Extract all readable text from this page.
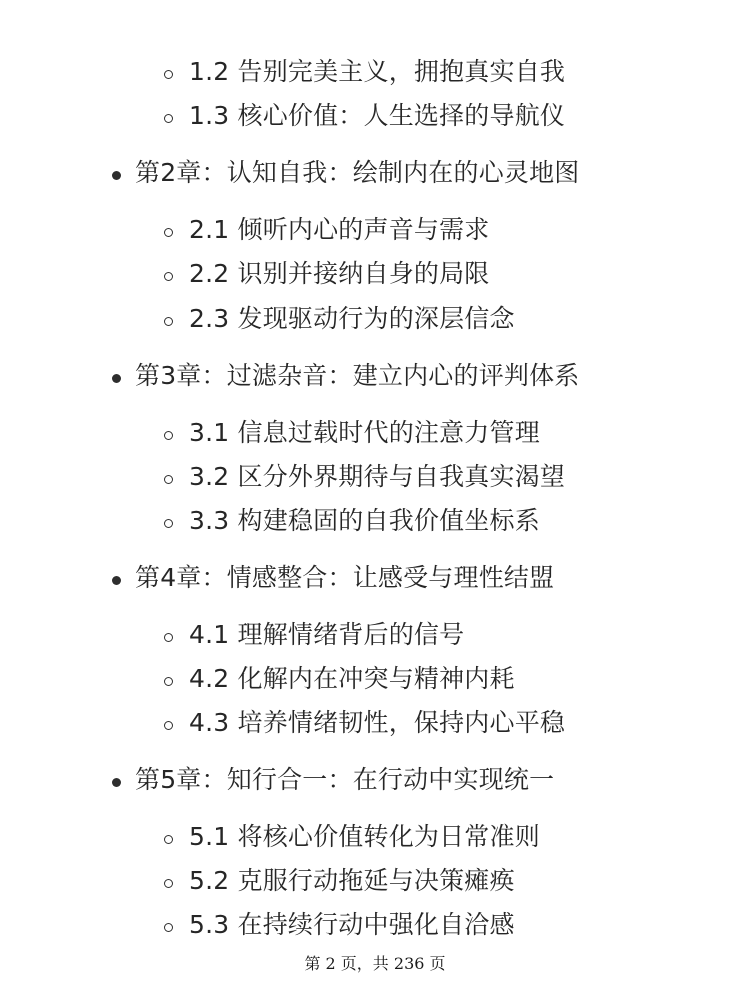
1.2 告别完美主义，拥抱真实自我
1.3 核心价值：人生选择的导航仪
第2章：认知自我：绘制内在的心灵地图
2.1 倾听内心的声音与需求
2.2 识别并接纳自身的局限
2.3 发现驱动行为的深层信念
第3章：过滤杂音：建立内心的评判体系
3.1 信息过载时代的注意力管理
3.2 区分外界期待与自我真实渴望
3.3 构建稳固的自我价值坐标系
第4章：情感整合：让感受与理性结盟
4.1 理解情绪背后的信号
4.2 化解内在冲突与精神内耗
4.3 培养情绪韧性，保持内心平稳
第5章：知行合一：在行动中实现统一
5.1 将核心价值转化为日常准则
5.2 克服行动拖延与决策瘫痪
5.3 在持续行动中强化自洽感
第 2 页，共 236 页
